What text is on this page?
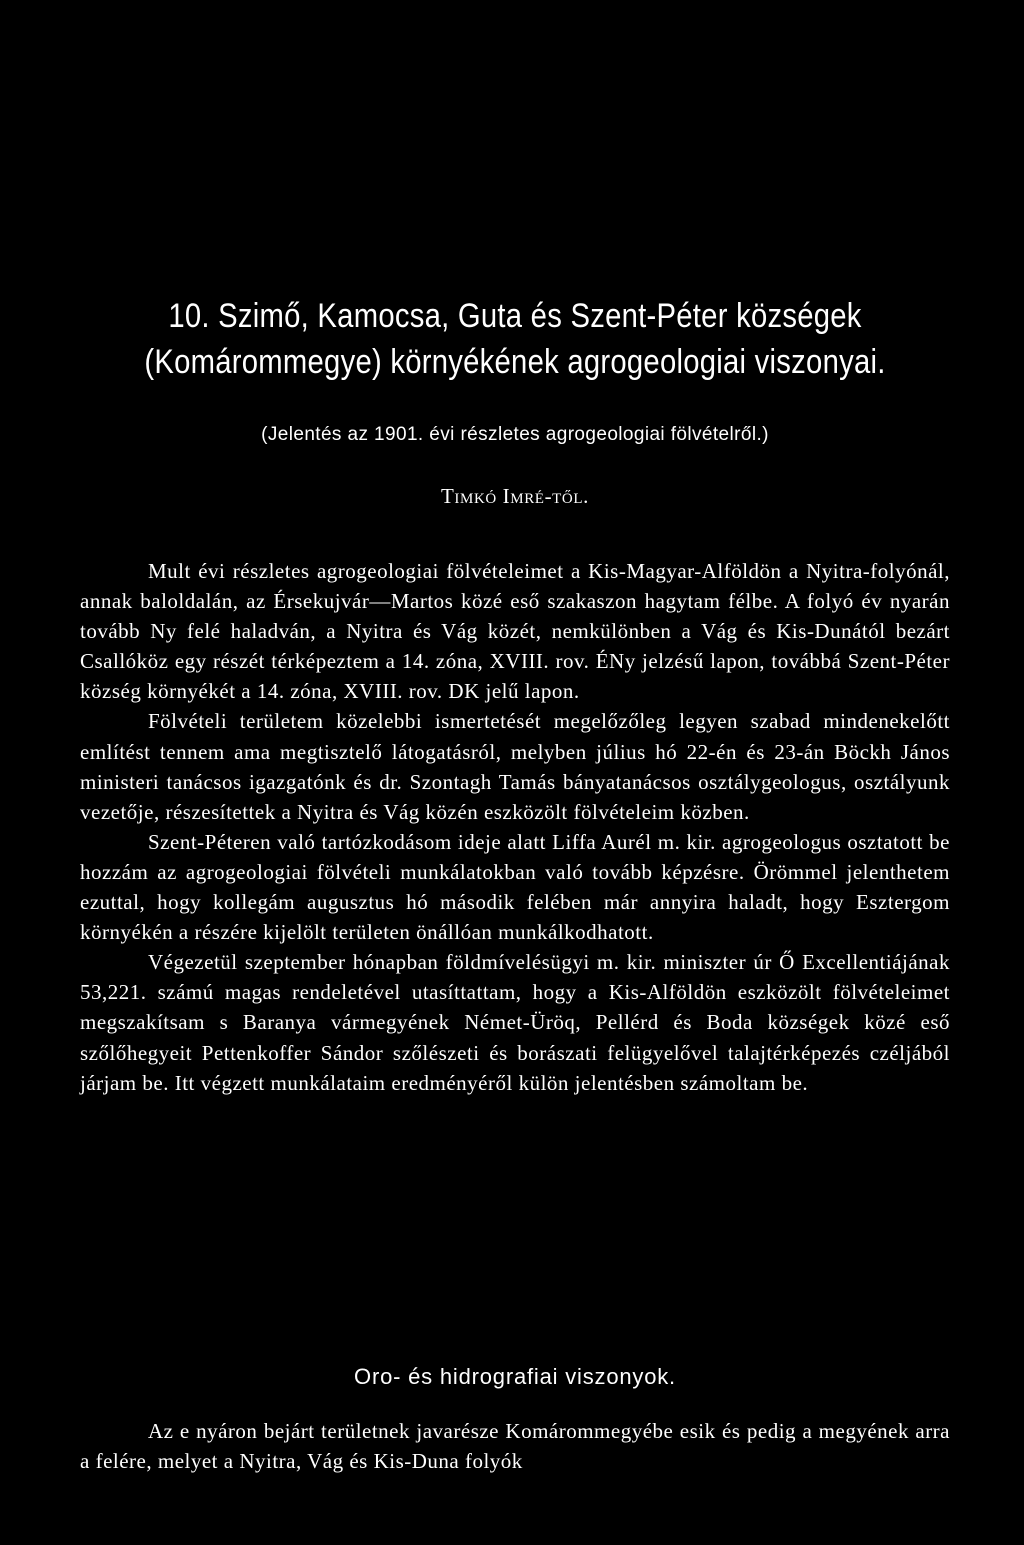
10. Szimő, Kamocsa, Guta és Szent-Péter községek
(Komárommegye) környékének agrogeologiai viszonyai.
(Jelentés az 1901. évi részletes agrogeologiai fölvételről.)
Timkó Imré-től.

Mult évi részletes agrogeologiai fölvételeimet a Kis-Magyar-Alföldön a Nyitra-folyónál, annak baloldalán, az Érsekujvár—Martos közé eső szakaszon hagytam félbe. A folyó év nyarán tovább Ny felé haladván, a Nyitra és Vág közét, nemkülönben a Vág és Kis-Dunától bezárt Csallóköz egy részét térképeztem a 14. zóna, XVIII. rov. ÉNy jelzésű lapon, továbbá Szent-Péter község környékét a 14. zóna, XVIII. rov. DK jelű lapon.

Fölvételi területem közelebbi ismertetését megelőzőleg legyen szabad mindenekelőtt említést tennem ama megtisztelő látogatásról, melyben július hó 22-én és 23-án Böckh János ministeri tanácsos igazgatónk és dr. Szontagh Tamás bányatanácsos osztálygeologus, osztályunk vezetője, részesítettek a Nyitra és Vág közén eszközölt fölvételeim közben.

Szent-Péteren való tartózkodásom ideje alatt Liffa Aurél m. kir. agrogeologus osztatott be hozzám az agrogeologiai fölvételi munkálatokban való tovább képzésre. Örömmel jelenthetem ezuttal, hogy kollegám augusztus hó második felében már annyira haladt, hogy Esztergom környékén a részére kijelölt területen önállóan munkálkodhatott.

Végezetül szeptember hónapban földmívelésügyi m. kir. miniszter úr Ő Excellentiájának 53,221. számú magas rendeletével utasíttattam, hogy a Kis-Alföldön eszközölt fölvételeimet megszakítsam s Baranya vármegyének Német-Üröq, Pellérd és Boda községek közé eső szőlőhegyeit Pettenkoffer Sándor szőlészeti és borászati felügyelővel talajtérképezés czéljából járjam be. Itt végzett munkálataim eredményéről külön jelentésben számoltam be.

Oro- és hidrografiai viszonyok.

Az e nyáron bejárt területnek javarésze Komárommegyébe esik és pedig a megyének arra a felére, melyet a Nyitra, Vág és Kis-Duna folyók
